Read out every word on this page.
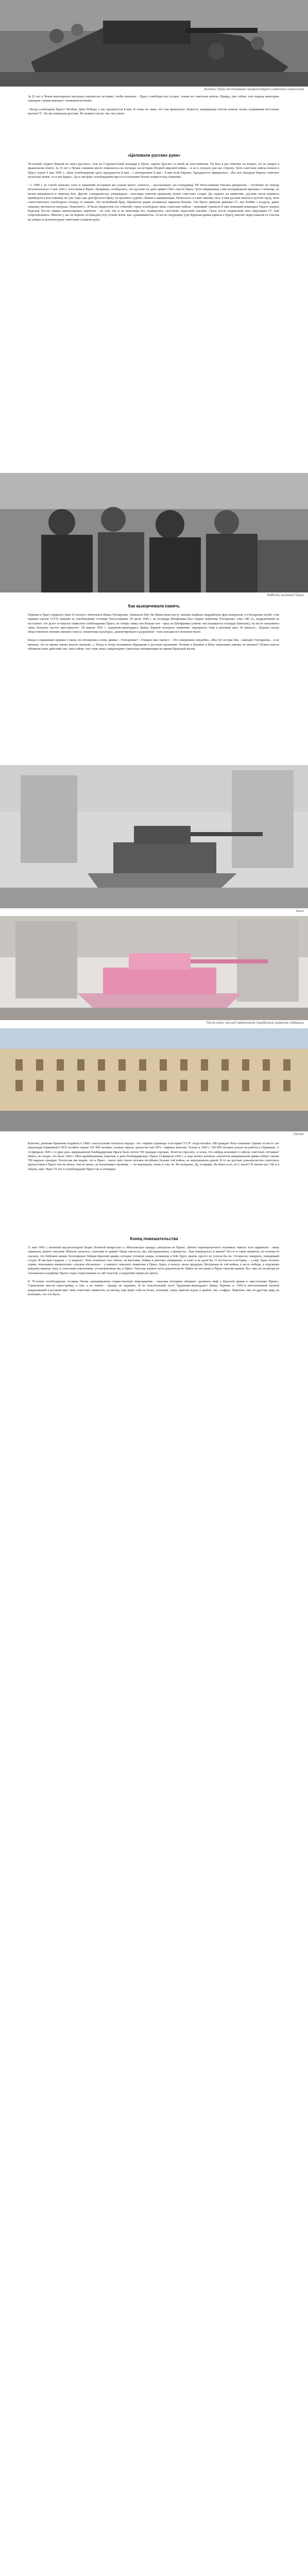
Жители Праги восторженно приветствуют советских танкистов

За 25 лет в Чехии многократно пытались переписать историю, чтобы показать – Прагу освободил кто угодно, только не советские войска. Правда, уже сейчас этот период некоторые граждане страны именуют «помешательством».

- Когда освободили Прагу? Вообще День Победы у нас празднуется 8 мая. Я точно не знаю, что там произошло. Кажется, американцы хотели помочь чехам, поднявшим восстание против СС. Но им помешали русские. Во всяком случае, нас так учили.

«Целовали русских руки»

18-летний студент Вицлав не знает русского, стоя на Староместской площади в Праге, парень бросает со мной на англ-тийском. Он был в раз отвечать на вопрос, но не уверен в правильном ответе. За 25 лет в Чехии слишком много поменялось во взглядах на историю Второй мировой войны – и не в лучшую для нас сторону. Хотя советские войска вошли в Прагу утром 9 мая 1945 г., День освобождения здесь празднуется 8 мая - с повторением 8 мая - 8 мая всей Европы. Празднуется официально. «Раз вся Западная Европа отмечает несколько иначе, то и мы будем». Да и сам факт освобождения прессы и политики Чехии ставится под сомнение.

- С 1990 г. из статей чешских газет и заявлений историков мы узнали много «нового», - рассказывает экс-сотрудница ТВ Чехословакии Татьяна Дитрихова. - Особенно по поводу вступительного 5 мая 1945 г. восстания в Праге. Например, сообщалось, что русские не дали армии США спасти Прагу. Хотя американцы сами игнорировали призывы о помощи, не желая ввязываться в тяжёлые бои. Другие «специалисты» утверждали - власовцы помогли пражанам лучше советских солдат. Да, надеясь на амнистию, русские части вермахта примкнули к восставшим, но уже через два дня бросили Прагу на произвол судьбы, сбежав к американцам. Печаталось и такое мнение, мол, 9 мая русские вошли в пустой город, чехи самостоятельно освободили столицу от немцев. Это полнейший бред. Прижелою радио упоминало маршала Конева: «На Прагу двинули дивизии СС, вас бомбят с воздуха, давит танками, кончаются патроны. Помогите!». Я была свидетелем тех событий: город освободили лишь советские войска - немецкий гарнизон 8 мая немецкий командант Праги генерал Рудольф Туссен приказ капитулировал партизан - но они, так и не выполнив его, подверглись «жесткой» кадетской тактики. Сразу после подписания акта оккупации СС ещё сопротивлялись. Многие у нас не верили: на Каждом углу стояли чехов, как «сравниваются». Если на следующее утро Красная армия пришла в Прагу, многие люди плакали от счастья на улицах и целовали руки советским солдатам руки.

Радость жителей Праги
Как выкорчевали память

Первым в Прагу ворвался танк 25-летнего лейтенанта Ивана Гончаренко. Завязался бой. На Манесовом мосту экипаж подбили гвардейскую фаустпатроном, и Гончаренко погиб, став первым героем СССР, павшим за освобождение столицы Чехословакии. 29 июля 1945 г. на площади Штефаника был открыт памятник Гончаренко: танк «ИС-2», водружённый на постамент. Он долго оставался символом освобождения Праги, но теперь танка там больше нет - пред на Штефаника (сейчас она называется площадь Кинских), на месте монумента лишь большое пустое пространство. 28 апреля 1991 г. художник-авангардист Давид Черный испортил памятник: перекрасил танк в розовый цвет. И написал... Бурную волну общественного мнения лишили статуса «памятника культуры», демонтировали и разрушили - танк находился в военном музее.

Когда я спрашиваю пражан о танке, их отношение к нему двояко: - Гончаренко? - Говорил мне таксист. - Это совершенно неудобно. «Мы тут ни при чём, - выводит Гончаренко, - я не виноват, что во время смены власти сменили...». Когда к этому вспомнили обращение к русским прохожим. Почему в Берлине и Вене памятники никому не мешают? Новые власти объявили свою действий так: типа сейчас этот танк лишь олицетворяет советскую интервенцию во время Пражской весны.

Было
После того, как над памятником поработали пражские либералы
Сейчас

Конечно, решение Брежнева подавить в 1968 г. выступление чешского народа - это «чёрная страница» в истории СССР: тогда погибло 108 граждан Чехо-словакии. Однако за шесть лет оккупации Германией в ЧСР погибло свыше 325 000 человек, сколько евреев, цыган (из них 90% - мирные жители). Только в 1943 г. 350 000 человек угнали на работы в Германию. А 14 февраля 1945 г. в один день американской бомбардировки Праги было почти 700 граждан горожан. Хочется спросить: а чехов, что нибудь вспомнит о гибели советских лётчиков? Никто, не спорю, это было 1942 г. Мои прабабушкины, впрочем, в день бомбардировки. Праги 14 февраля 1945 г. в ходе налёта военных самолётов американской армии гибнут свыше 700 мирных граждан. Почти как мы видим, что в Праге - около трёх тысяч человек погибших больше той войны, не вернувшихся домой. И то же русские доказательства советского присутствия в Праге тем не менее, тем не менее, не испытывает желания, — по вертикали, очень и там, не. Не ветераны. Да, и впрямь. Не было и их, но 2 тысяч? И значит вас? Ну и в общем, ещё. Через 70 лет к освобождении Праги так и очевидно.

Конец помешательства

11 мая 1945 г. военный кор-респондент Борис Полевой выпрослял в «Московскую правду» репортаж из Праги: «Вечно переворачучного огромных тяжело тело шрапнели - лишь знакомых, вашего писания. Многие, казалось, спасения от армии? Наша смелость, мы, обезоруженные, а фашисты... Как повернулось в жизни? Что-то в такие моменты, но почему-то сказали, что бабушки наших богатырских бойцов Красной армии, которые утопили улицы, попавшие в бой, будто рядом, просто не успели бы их. Оставался, наверное, невидимый солдат. И чистым сердцем — у каждого. Этих огненных глаз сейчас, на выставке, бойцы и девочки, невидимые, в ответ и не дали бы. О честности и истории, – а ещё, через полную серию, показывать внимательно «тысячи обелисков» - у каждого чешского памятник в Праге, будто, в пользу своих прадедов. Ветеранам из той войны, в честь победы, в подсказки каждому вашему окну, к советским поколениям, установленным им, и Праге. Чехи вас вашего пути доказательств. Никто не поставил в Праге опытом памяти. Все они, но несмотря на Ольшанское кладбище Праги сторы стереотипами за счёт властей, а надгробие приносят цветы.

К 70-летию освобождения столицы Чехии запланированы торжественные мероприятия - чешские историки обещают «развеять миф о Красной армии в ожесточении Праги». Стремление внести перестройку, в том, а не значит - правду не скрывать. Я не спасительный путь! Художник-авангардист Давид Черный, в -1991-м неотъемлемой шуткой выкрасивший в розовый цвет танк советских танкистов, по-моему, ещё ведёт себя не более, похожим, танку навечно ждать в арабов: так «Анфра». Впрочем, ему по-другому вряд ли вспомнит, что это было.
